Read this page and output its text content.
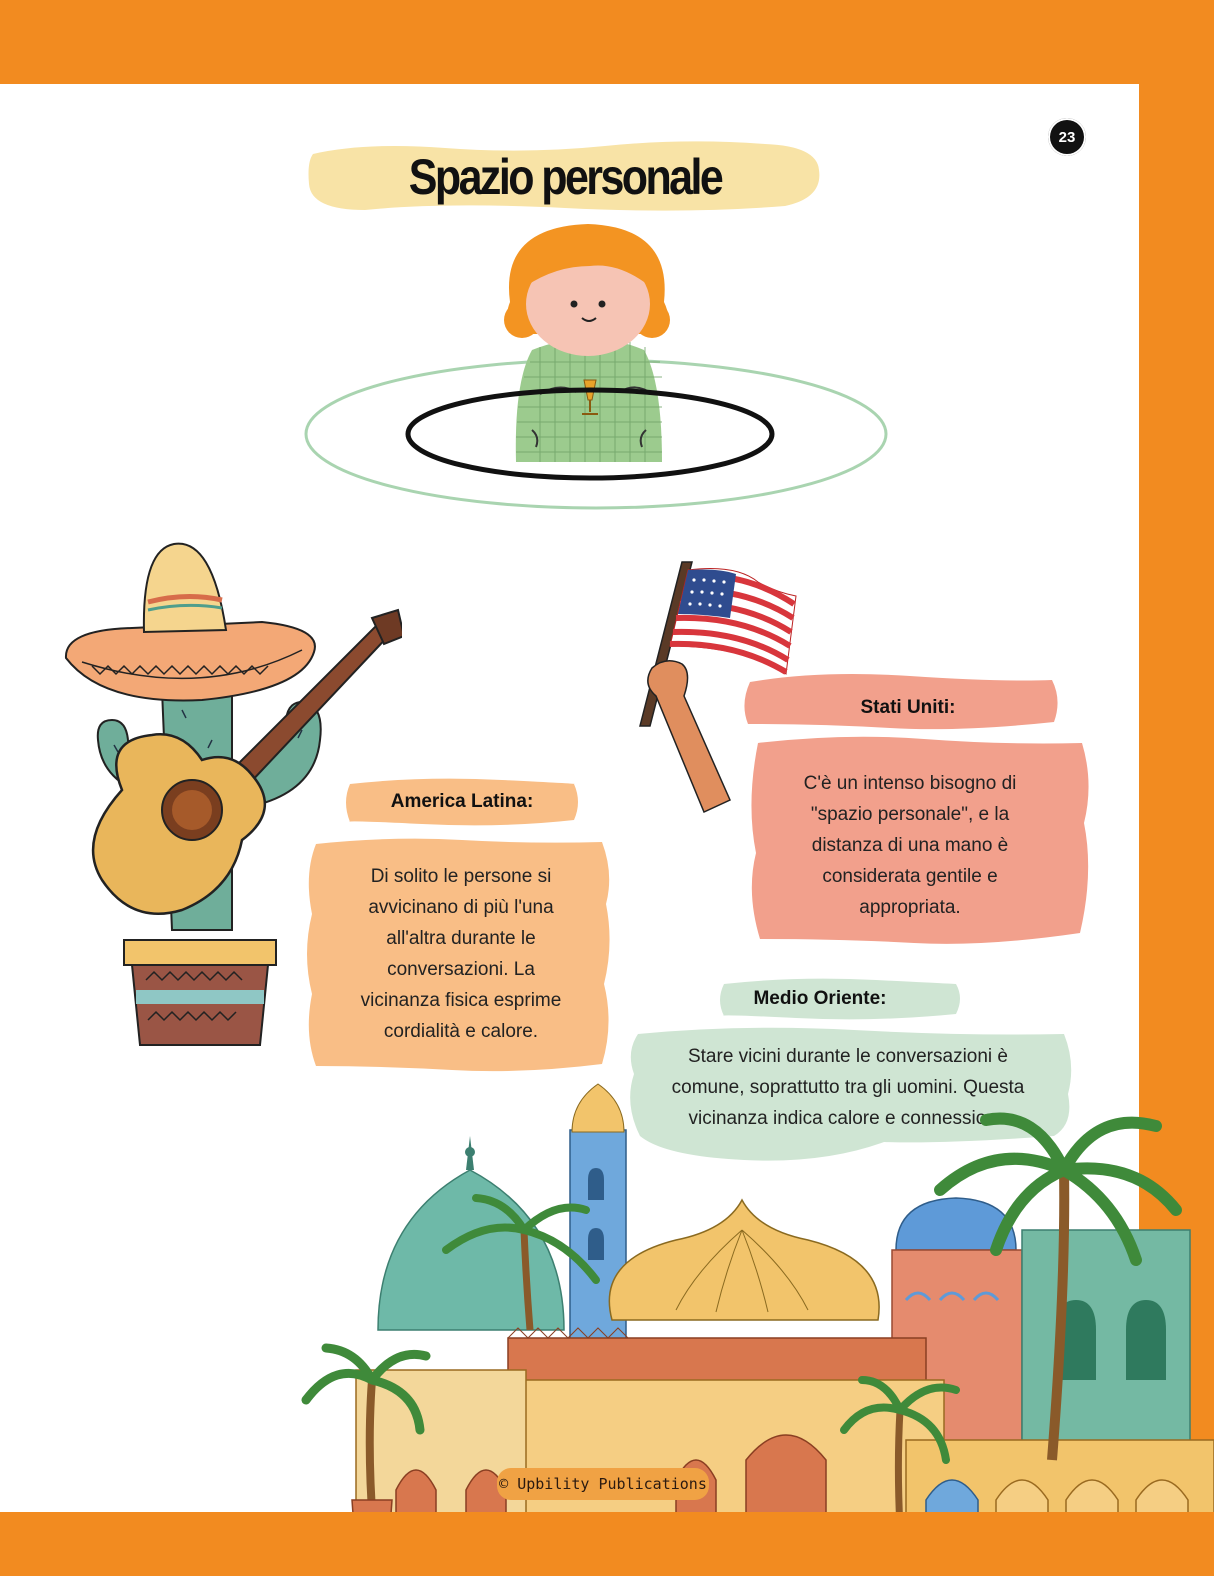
23
Spazio personale
America Latina:
Di solito le persone si avvicinano di più l'una all'altra durante le conversazioni. La vicinanza fisica esprime cordialità e calore.
Stati Uniti:
C'è un intenso bisogno di "spazio personale", e la distanza di una mano è considerata gentile e appropriata.
Medio Oriente:
Stare vicini durante le conversazioni è comune, soprattutto tra gli uomini. Questa vicinanza indica calore e connessione
© Upbility Publications
